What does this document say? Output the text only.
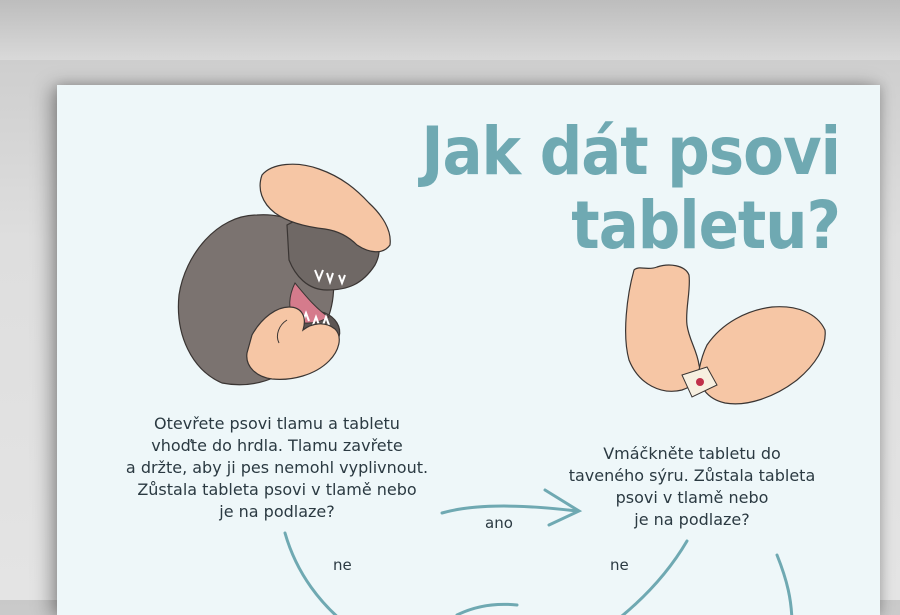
Jak dát psovi
tabletu?
Otevřete psovi tlamu a tabletu
vhoďte do hrdla. Tlamu zavřete
a držte, aby ji pes nemohl vyplivnout.
Zůstala tableta psovi v tlamě nebo
je na podlaze?
Vmáčkněte tabletu do
taveného sýru. Zůstala tableta
psovi v tlamě nebo
je na podlaze?
ano
ne	ne
